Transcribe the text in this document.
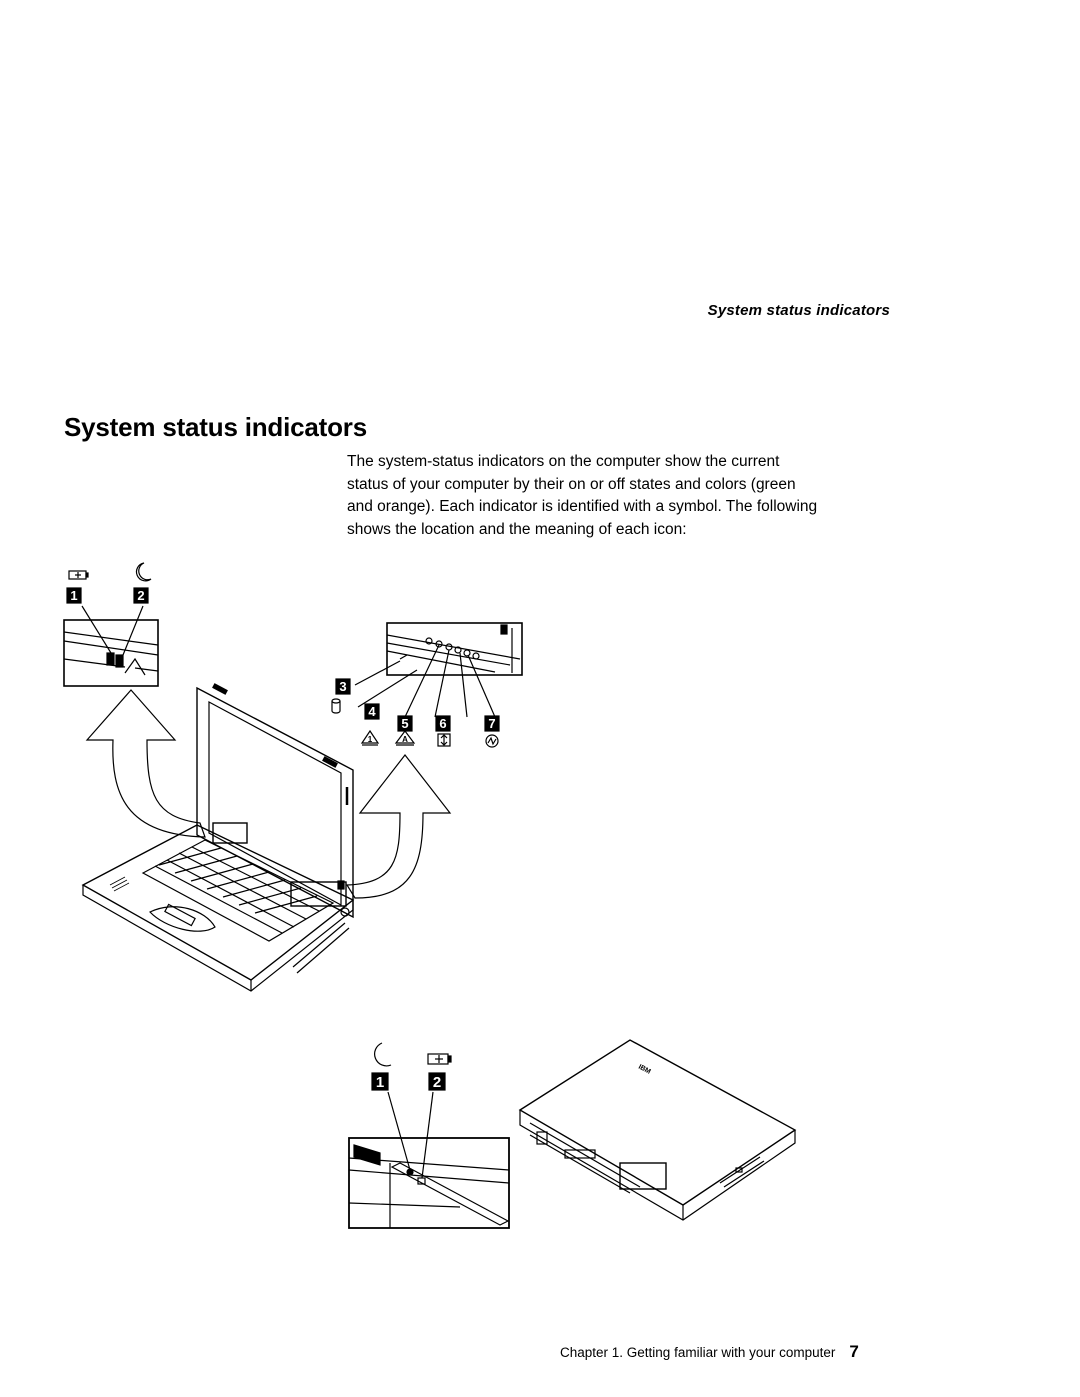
System status indicators
System status indicators

The system-status indicators on the computer show the current
status of your computer by their on or off states and colors (green
and orange). Each indicator is identified with a symbol. The following
shows the location and the meaning of each icon:

1	2
3
4
5 6	7
1	A
1	2
IBM
Chapter 1. Getting familiar with your computer 7
